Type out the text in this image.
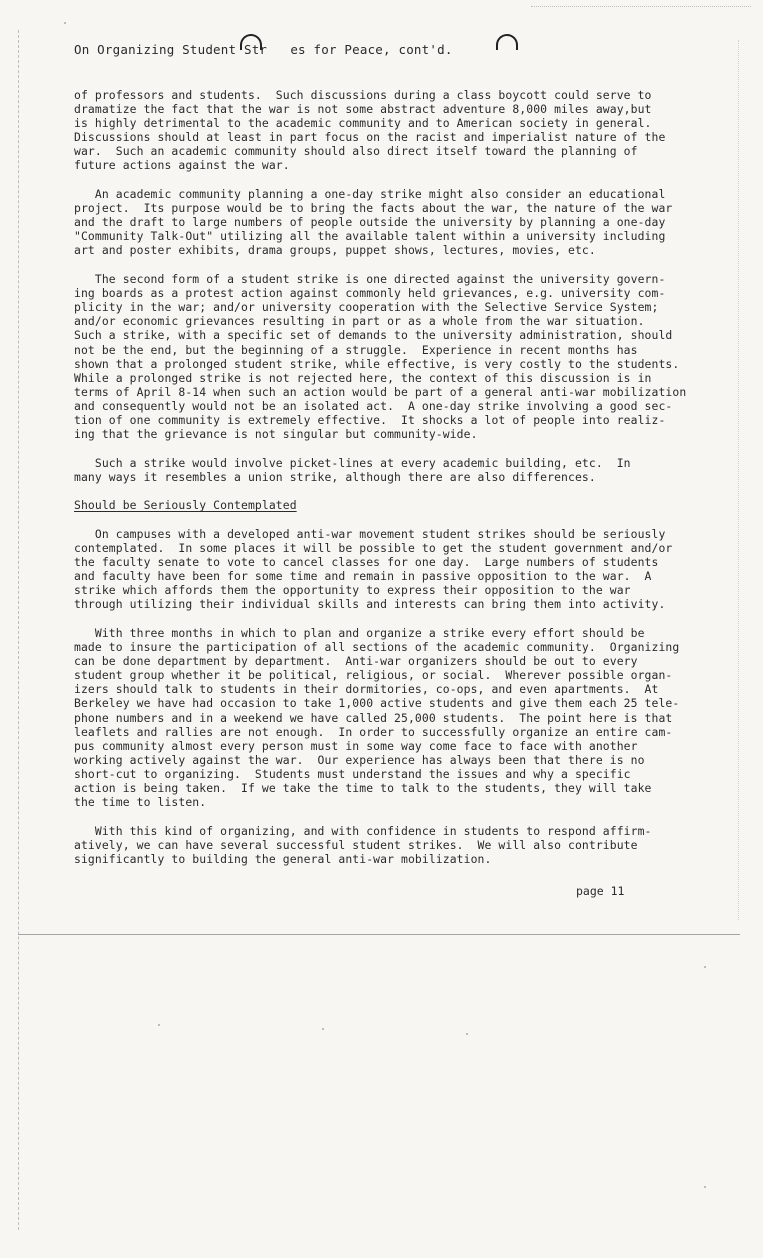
On Organizing Student Str   es for Peace, cont'd.
of professors and students.  Such discussions during a class boycott could serve to
dramatize the fact that the war is not some abstract adventure 8,000 miles away,but
is highly detrimental to the academic community and to American society in general.
Discussions should at least in part focus on the racist and imperialist nature of the
war.  Such an academic community should also direct itself toward the planning of
future actions against the war.
An academic community planning a one-day strike might also consider an educational
project.  Its purpose would be to bring the facts about the war, the nature of the war
and the draft to large numbers of people outside the university by planning a one-day
"Community Talk-Out" utilizing all the available talent within a university including
art and poster exhibits, drama groups, puppet shows, lectures, movies, etc.
The second form of a student strike is one directed against the university govern-
ing boards as a protest action against commonly held grievances, e.g. university com-
plicity in the war; and/or university cooperation with the Selective Service System;
and/or economic grievances resulting in part or as a whole from the war situation.
Such a strike, with a specific set of demands to the university administration, should
not be the end, but the beginning of a struggle.  Experience in recent months has
shown that a prolonged student strike, while effective, is very costly to the students.
While a prolonged strike is not rejected here, the context of this discussion is in
terms of April 8-14 when such an action would be part of a general anti-war mobilization
and consequently would not be an isolated act.  A one-day strike involving a good sec-
tion of one community is extremely effective.  It shocks a lot of people into realiz-
ing that the grievance is not singular but community-wide.
Such a strike would involve picket-lines at every academic building, etc.  In
many ways it resembles a union strike, although there are also differences.
Should be Seriously Contemplated
On campuses with a developed anti-war movement student strikes should be seriously
contemplated.  In some places it will be possible to get the student government and/or
the faculty senate to vote to cancel classes for one day.  Large numbers of students
and faculty have been for some time and remain in passive opposition to the war.  A
strike which affords them the opportunity to express their opposition to the war
through utilizing their individual skills and interests can bring them into activity.
With three months in which to plan and organize a strike every effort should be
made to insure the participation of all sections of the academic community.  Organizing
can be done department by department.  Anti-war organizers should be out to every
student group whether it be political, religious, or social.  Wherever possible organ-
izers should talk to students in their dormitories, co-ops, and even apartments.  At
Berkeley we have had occasion to take 1,000 active students and give them each 25 tele-
phone numbers and in a weekend we have called 25,000 students.  The point here is that
leaflets and rallies are not enough.  In order to successfully organize an entire cam-
pus community almost every person must in some way come face to face with another
working actively against the war.  Our experience has always been that there is no
short-cut to organizing.  Students must understand the issues and why a specific
action is being taken.  If we take the time to talk to the students, they will take
the time to listen.
With this kind of organizing, and with confidence in students to respond affirm-
atively, we can have several successful student strikes.  We will also contribute
significantly to building the general anti-war mobilization.
page 11
